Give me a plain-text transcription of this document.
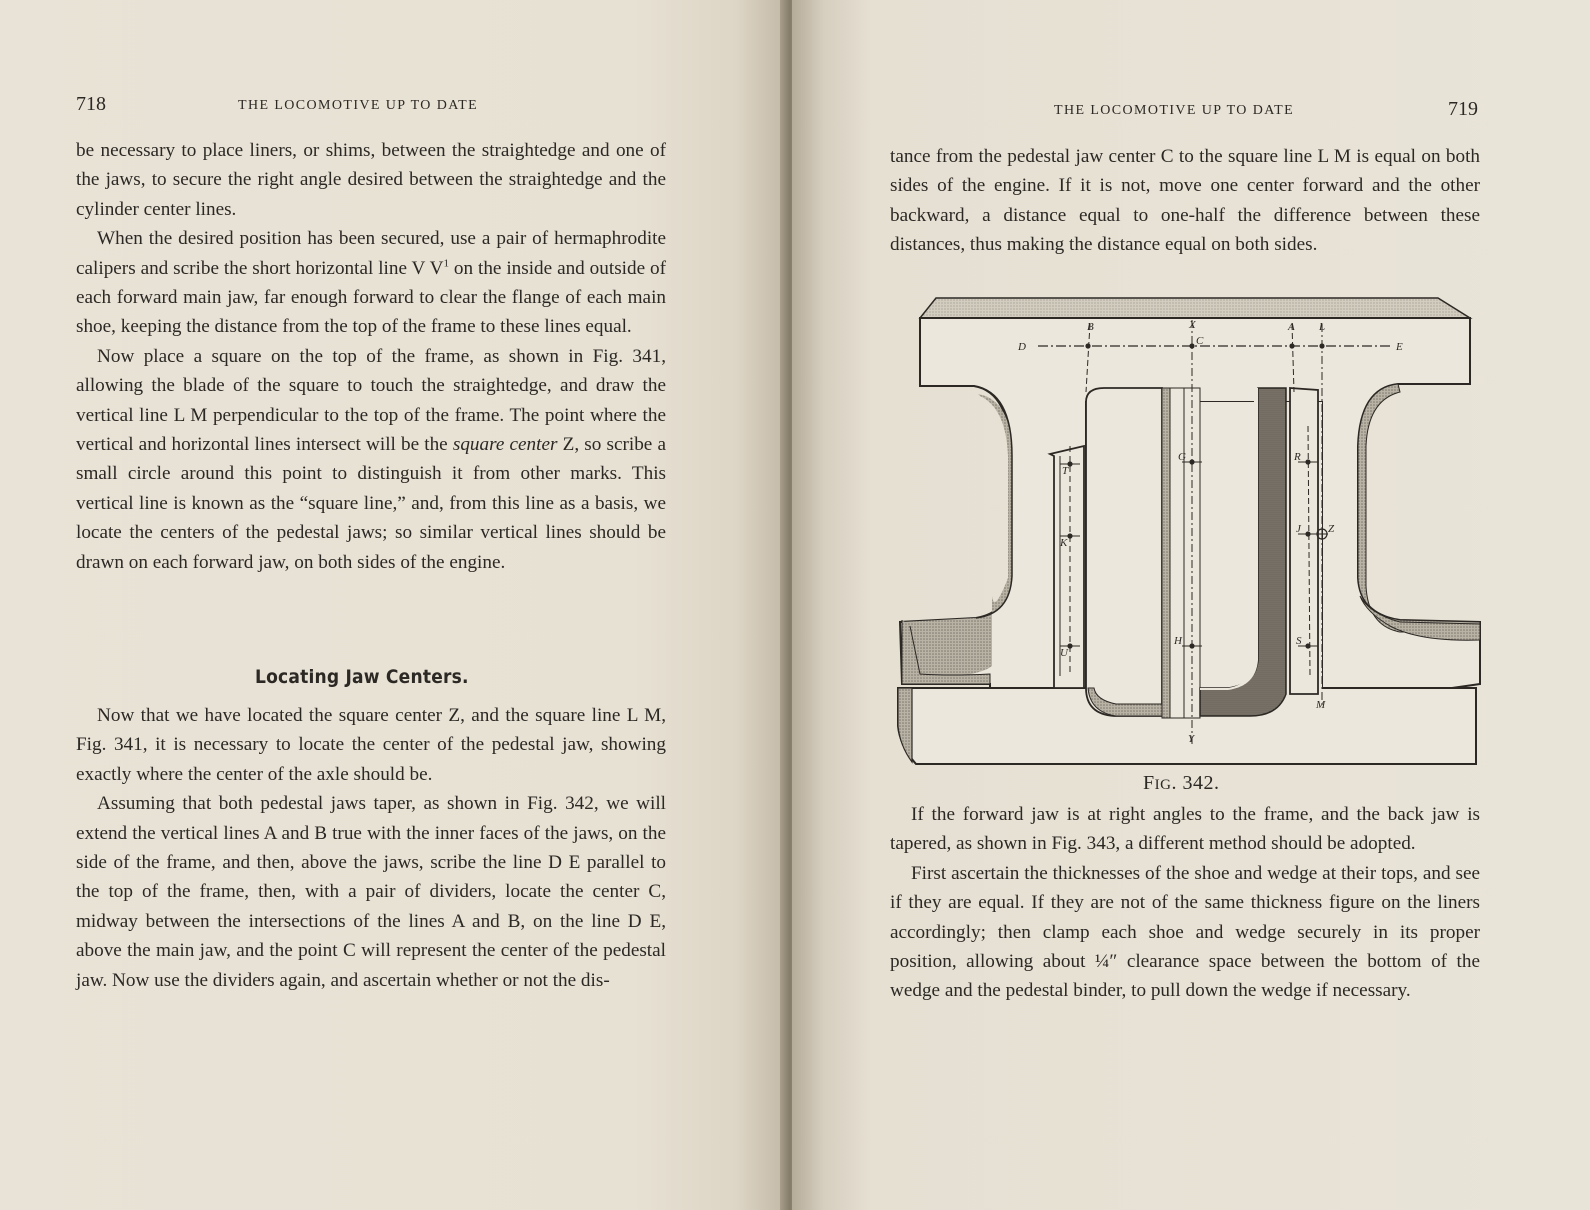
718	THE LOCOMOTIVE UP TO DATE

be necessary to place liners, or shims, between the straightedge and one of the jaws, to secure the right angle desired between the straightedge and the cylinder center lines.

When the desired position has been secured, use a pair of hermaphrodite calipers and scribe the short horizontal line V $V^1$ on the inside and outside of each forward main jaw, far enough forward to clear the flange of each main shoe, keeping the distance from the top of the frame to these lines equal.

Now place a square on the top of the frame, as shown in Fig. 341, allowing the blade of the square to touch the straightedge, and draw the vertical line L M perpendicular to the top of the frame. The point where the vertical and horizontal lines intersect will be the square center Z, so scribe a small circle around this point to distinguish it from other marks. This vertical line is known as the “square line,” and, from this line as a basis, we locate the centers of the pedestal jaws; so similar vertical lines should be drawn on each forward jaw, on both sides of the engine.

Locating Jaw Centers.

Now that we have located the square center Z, and the square line L M, Fig. 341, it is necessary to locate the center of the pedestal jaw, showing exactly where the center of the axle should be.

Assuming that both pedestal jaws taper, as shown in Fig. 342, we will extend the vertical lines A and B true with the inner faces of the jaws, on the side of the frame, and then, above the jaws, scribe the line D E parallel to the top of the frame, then, with a pair of dividers, locate the center C, midway between the intersections of the lines A and B, on the line D E, above the main jaw, and the point C will represent the center of the pedestal jaw. Now use the dividers again, and ascertain whether or not the dis-

THE LOCOMOTIVE UP TO DATE	719

tance from the pedestal jaw center C to the square line L M is equal on both sides of the engine. If it is not, move one center forward and the other backward, a distance equal to one-half the difference between these distances, thus making the distance equal on both sides.

D	E
B	X
C
A L
T
G	R
K
J Z
H	S
U
M
Y
FIG. 342.

If the forward jaw is at right angles to the frame, and the back jaw is tapered, as shown in Fig. 343, a different method should be adopted.

First ascertain the thicknesses of the shoe and wedge at their tops, and see if they are equal. If they are not of the same thickness figure on the liners accordingly; then clamp each shoe and wedge securely in its proper position, allowing about ¼″ clearance space between the bottom of the wedge and the pedestal binder, to pull down the wedge if necessary.
